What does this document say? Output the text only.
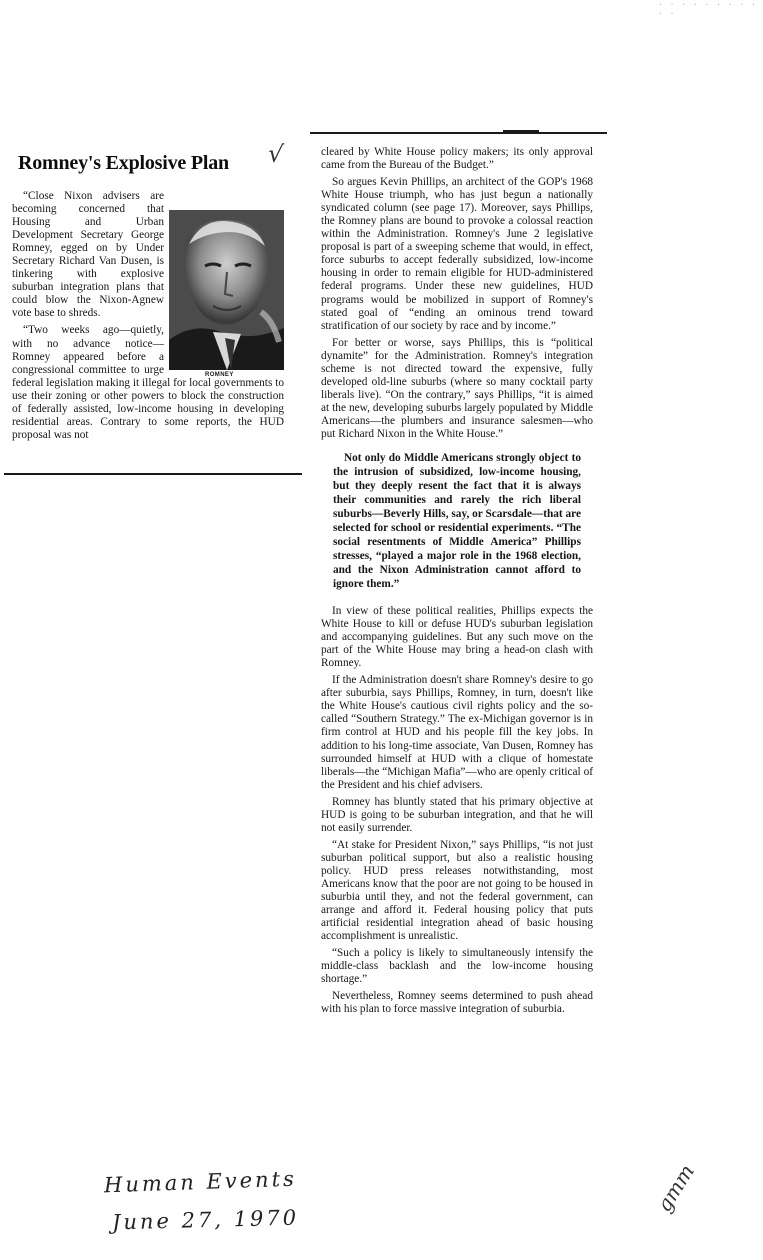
· · · · · · · · · · ·
Romney's Explosive Plan √
ROMNEY

“Close Nixon advisers are becoming concerned that Housing and Urban Development Secretary George Romney, egged on by Under Secretary Richard Van Dusen, is tinkering with explosive suburban integration plans that could blow the Nixon-Agnew vote base to shreds.

“Two weeks ago—quietly, with no advance notice—Romney appeared before a congressional committee to urge federal legislation making it illegal for local governments to use their zoning or other powers to block the construction of federally assisted, low-income housing in developing residential areas. Contrary to some reports, the HUD proposal was not

cleared by White House policy makers; its only approval came from the Bureau of the Budget.”

So argues Kevin Phillips, an architect of the GOP's 1968 White House triumph, who has just begun a nationally syndicated column (see page 17). Moreover, says Phillips, the Romney plans are bound to provoke a colossal reaction within the Administration. Romney's June 2 legislative proposal is part of a sweeping scheme that would, in effect, force suburbs to accept federally subsidized, low-income housing in order to remain eligible for HUD-administered federal programs. Under these new guidelines, HUD programs would be mobilized in support of Romney's stated goal of “ending an ominous trend toward stratification of our society by race and by income.”

For better or worse, says Phillips, this is “political dynamite” for the Administration. Romney's integration scheme is not directed toward the expensive, fully developed old-line suburbs (where so many cocktail party liberals live). “On the contrary,” says Phillips, “it is aimed at the new, developing suburbs largely populated by Middle Americans—the plumbers and insurance salesmen—who put Richard Nixon in the White House.”

Not only do Middle Americans strongly object to the intrusion of subsidized, low-income housing, but they deeply resent the fact that it is always their communities and rarely the rich liberal suburbs—Beverly Hills, say, or Scarsdale—that are selected for school or residential experiments. “The social resentments of Middle America” Phillips stresses, “played a major role in the 1968 election, and the Nixon Administration cannot afford to ignore them.”

In view of these political realities, Phillips expects the White House to kill or defuse HUD's suburban legislation and accompanying guidelines. But any such move on the part of the White House may bring a head-on clash with Romney.

If the Administration doesn't share Romney's desire to go after suburbia, says Phillips, Romney, in turn, doesn't like the White House's cautious civil rights policy and the so-called “Southern Strategy.” The ex-Michigan governor is in firm control at HUD and his people fill the key jobs. In addition to his long-time associate, Van Dusen, Romney has surrounded himself at HUD with a clique of homestate liberals—the “Michigan Mafia”—who are openly critical of the President and his chief advisers.

Romney has bluntly stated that his primary objective at HUD is going to be suburban integration, and that he will not easily surrender.

“At stake for President Nixon,” says Phillips, “is not just suburban political support, but also a realistic housing policy. HUD press releases notwithstanding, most Americans know that the poor are not going to be housed in suburbia until they, and not the federal government, can arrange and afford it. Federal housing policy that puts artificial residential integration ahead of basic housing accomplishment is unrealistic.

“Such a policy is likely to simultaneously intensify the middle-class backlash and the low-income housing shortage.”

Nevertheless, Romney seems determined to push ahead with his plan to force massive integration of suburbia.

Human Events
June 27, 1970
gmm
